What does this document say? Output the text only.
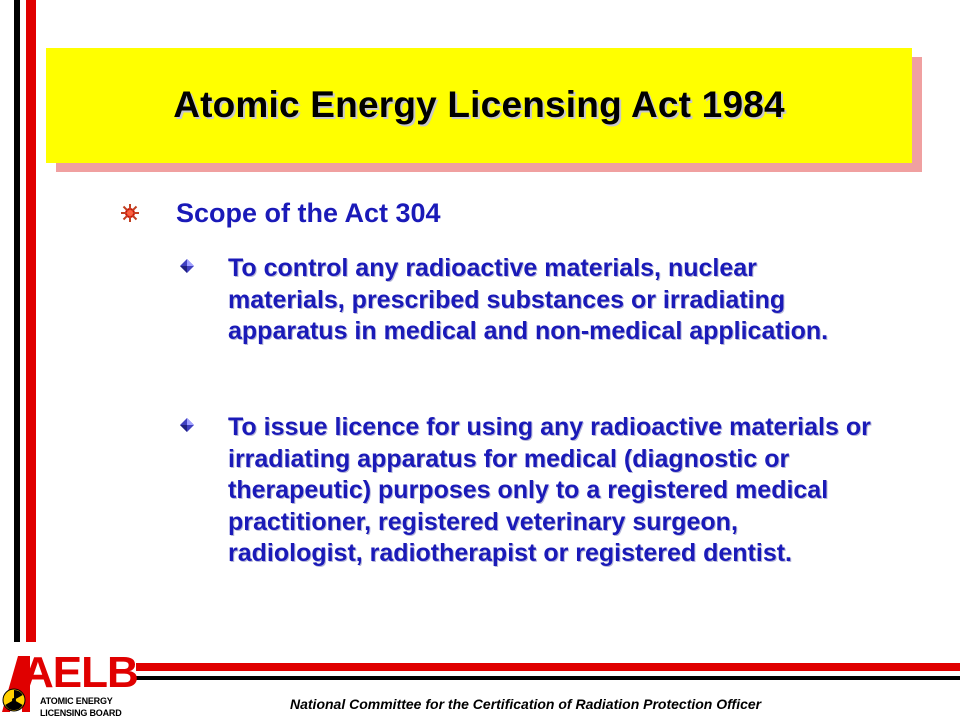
Atomic Energy Licensing Act 1984
Scope of the Act 304
To control any radioactive materials, nuclear materials, prescribed substances or irradiating apparatus in medical and non-medical application.
To issue licence for using any radioactive materials or irradiating apparatus for medical (diagnostic or therapeutic) purposes only to a registered medical practitioner, registered veterinary surgeon, radiologist, radiotherapist or registered dentist.
AELB
ATOMIC ENERGY
LICENSING BOARD
National Committee for the Certification of Radiation Protection Officer
